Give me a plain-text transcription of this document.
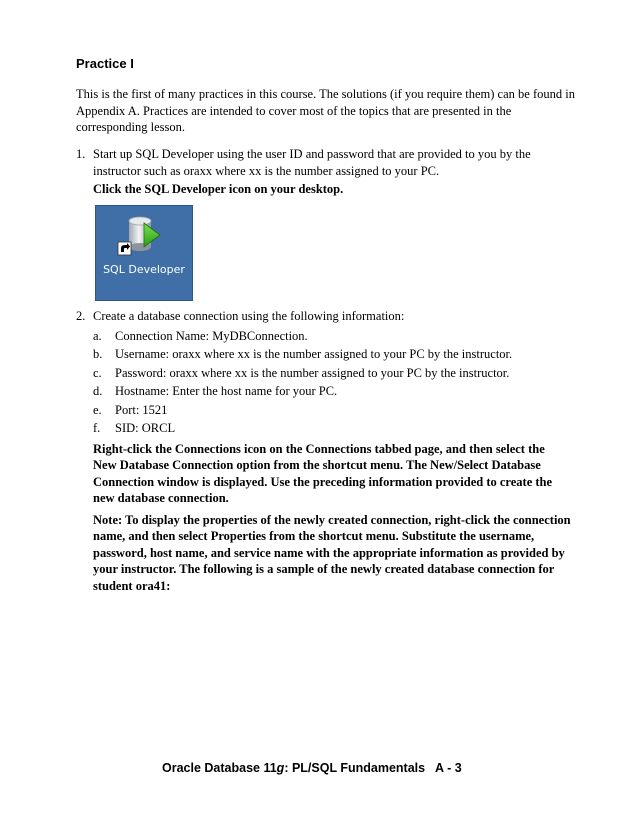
Practice I

This is the first of many practices in this course. The solutions (if you require them) can be found in Appendix A. Practices are intended to cover most of the topics that are presented in the corresponding lesson.

1. Start up SQL Developer using the user ID and password that are provided to you by the instructor such as oraxx where xx is the number assigned to your PC.

Click the SQL Developer icon on your desktop.

SQL Developer
2. Create a database connection using the following information:

a. Connection Name: MyDBConnection.
b. Username: oraxx where xx is the number assigned to your PC by the instructor.
c. Password: oraxx where xx is the number assigned to your PC by the instructor.
d. Hostname: Enter the host name for your PC.
e. Port: 1521
f. SID: ORCL

Right-click the Connections icon on the Connections tabbed page, and then select the New Database Connection option from the shortcut menu. The New/Select Database Connection window is displayed. Use the preceding information provided to create the new database connection.

Note: To display the properties of the newly created connection, right-click the connection name, and then select Properties from the shortcut menu. Substitute the username, password, host name, and service name with the appropriate information as provided by your instructor. The following is a sample of the newly created database connection for student ora41:

Oracle Database 11g: PL/SQL Fundamentals   A - 3
